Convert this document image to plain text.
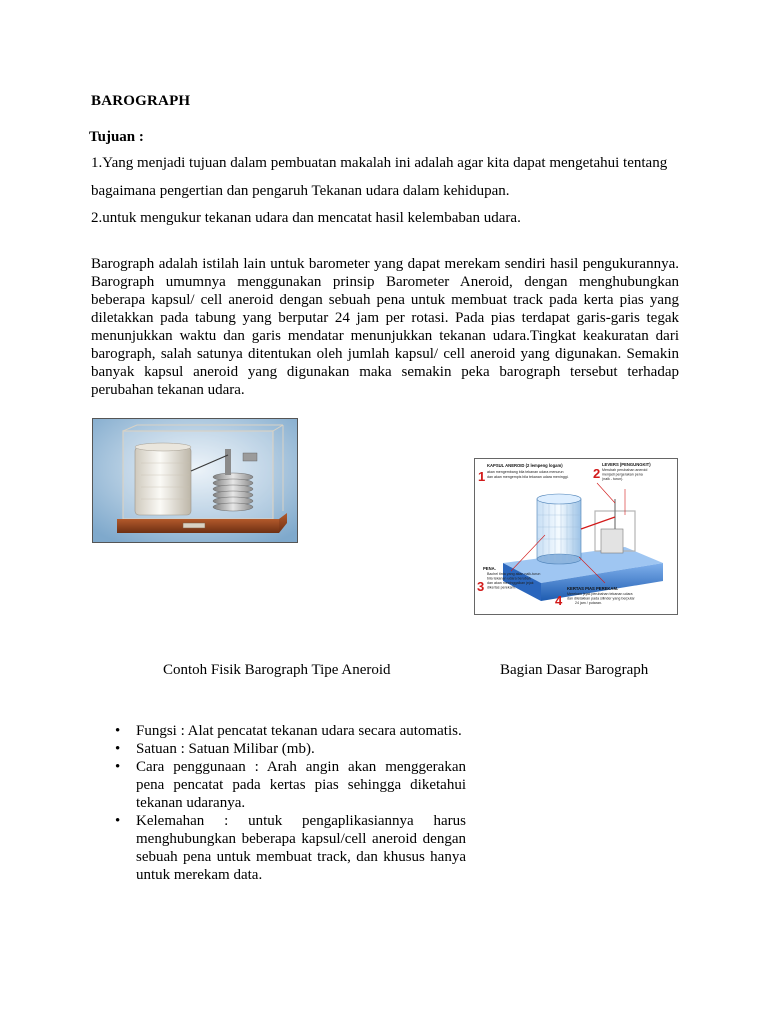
BAROGRAPH
Tujuan :
1.Yang menjadi tujuan dalam pembuatan makalah ini adalah agar kita dapat mengetahui tentang
bagaimana pengertian dan pengaruh Tekanan udara dalam kehidupan.
2.untuk mengukur tekanan udara dan mencatat hasil kelembaban udara.

Barograph adalah istilah lain untuk barometer yang dapat merekam sendiri hasil pengukurannya. Barograph umumnya menggunakan prinsip Barometer Aneroid, dengan menghubungkan beberapa kapsul/ cell aneroid dengan sebuah pena untuk membuat track pada kerta pias yang diletakkan pada tabung yang berputar 24 jam per rotasi. Pada pias terdapat garis-garis tegak menunjukkan waktu dan garis mendatar menunjukkan tekanan udara.Tingkat keakuratan dari barograph, salah satunya ditentukan oleh jumlah kapsul/ cell aneroid yang digunakan. Semakin banyak kapsul aneroid yang digunakan maka semakin peka barograph tersebut terhadap perubahan tekanan udara.

1
KAPSUL ANEROID (2 lempeng logam)
akan mengembang bila tekanan udara menurun
dan akan mengempis bila tekanan udara meninggi. 2
LEVERS (PENGUNGKIT)
Merubah perubahan aneroid
menjadi pergerakan pena
(naik - turun).
PENA.
3
Bachel tinta yang akan naik-turun
bila tekanan udara berubah
dan akan meninggalkan jejak
dikertas perekam.
4
KERTAS PIAS PEREKAM.
Merekam jejak perubahan tekanan udara
dan diletakkan pada silinder yang berputar
24 jam / putaran.
Contoh Fisik Barograph Tipe Aneroid	Bagian Dasar Barograph
• Fungsi : Alat pencatat tekanan udara secara automatis.
• Satuan : Satuan Milibar (mb).
• Cara penggunaan : Arah angin akan menggerakan pena pencatat pada kertas pias sehingga diketahui tekanan udaranya.
• Kelemahan : untuk pengaplikasiannya harus menghubungkan beberapa kapsul/cell aneroid dengan sebuah pena untuk membuat track, dan khusus hanya untuk merekam data.
